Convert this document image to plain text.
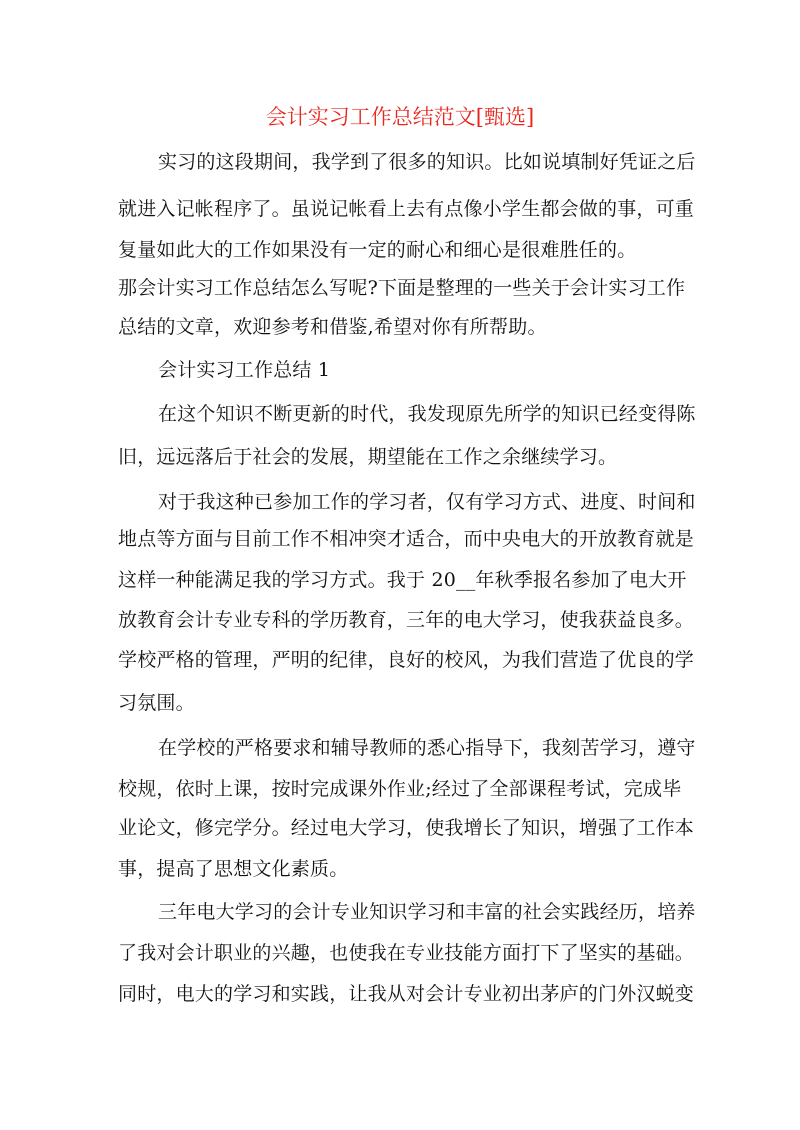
会计实习工作总结范文[甄选]
实习的这段期间，我学到了很多的知识。比如说填制好凭证之后
就进入记帐程序了。虽说记帐看上去有点像小学生都会做的事，可重
复量如此大的工作如果没有一定的耐心和细心是很难胜任的。
那会计实习工作总结怎么写呢?下面是整理的一些关于会计实习工作
总结的文章，欢迎参考和借鉴,希望对你有所帮助。
会计实习工作总结 1
在这个知识不断更新的时代，我发现原先所学的知识已经变得陈
旧，远远落后于社会的发展，期望能在工作之余继续学习。
对于我这种已参加工作的学习者，仅有学习方式、进度、时间和
地点等方面与目前工作不相冲突才适合，而中央电大的开放教育就是
这样一种能满足我的学习方式。我于 20__年秋季报名参加了电大开
放教育会计专业专科的学历教育，三年的电大学习，使我获益良多。
学校严格的管理，严明的纪律，良好的校风，为我们营造了优良的学
习氛围。
在学校的严格要求和辅导教师的悉心指导下，我刻苦学习，遵守
校规，依时上课，按时完成课外作业;经过了全部课程考试，完成毕
业论文，修完学分。经过电大学习，使我增长了知识，增强了工作本
事，提高了思想文化素质。
三年电大学习的会计专业知识学习和丰富的社会实践经历，培养
了我对会计职业的兴趣，也使我在专业技能方面打下了坚实的基础。
同时，电大的学习和实践，让我从对会计专业初出茅庐的门外汉蜕变
